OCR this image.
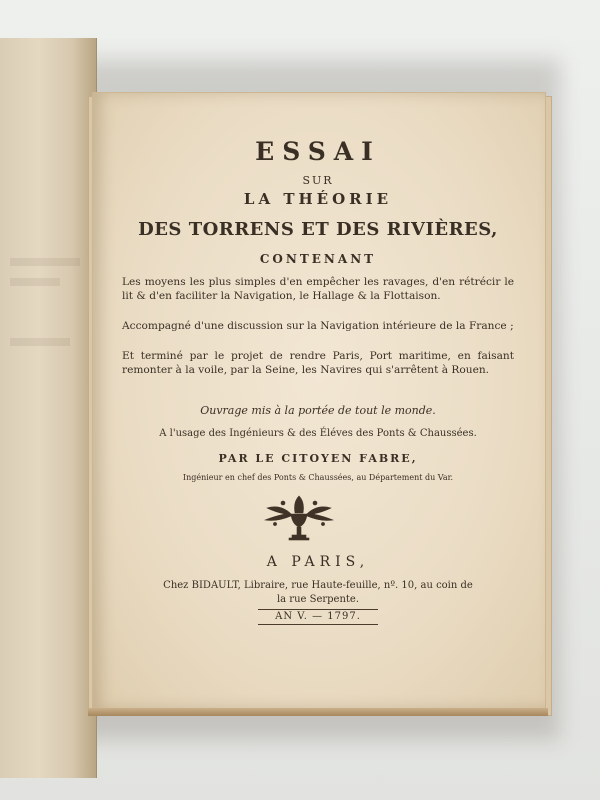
ESSAI
SUR
LA THÉORIE
DES TORRENS ET DES RIVIÈRES,
CONTENANT
Les moyens les plus simples d'en empêcher les ravages, d'en rétrécir le lit & d'en faciliter la Navigation, le Hallage & la Flottaison.
Accompagné d'une discussion sur la Navigation intérieure de la France ;
Et terminé par le projet de rendre Paris, Port maritime, en faisant remonter à la voile, par la Seine, les Navires qui s'arrêtent à Rouen.
Ouvrage mis à la portée de tout le monde.
A l'usage des Ingénieurs & des Éléves des Ponts & Chaussées.
PAR LE CITOYEN FABRE,
Ingénieur en chef des Ponts & Chaussées, au Département du Var.
A PARIS,
Chez BIDAULT, Libraire, rue Haute-feuille, nº. 10, au coin de
la rue Serpente.
AN V. — 1797.
